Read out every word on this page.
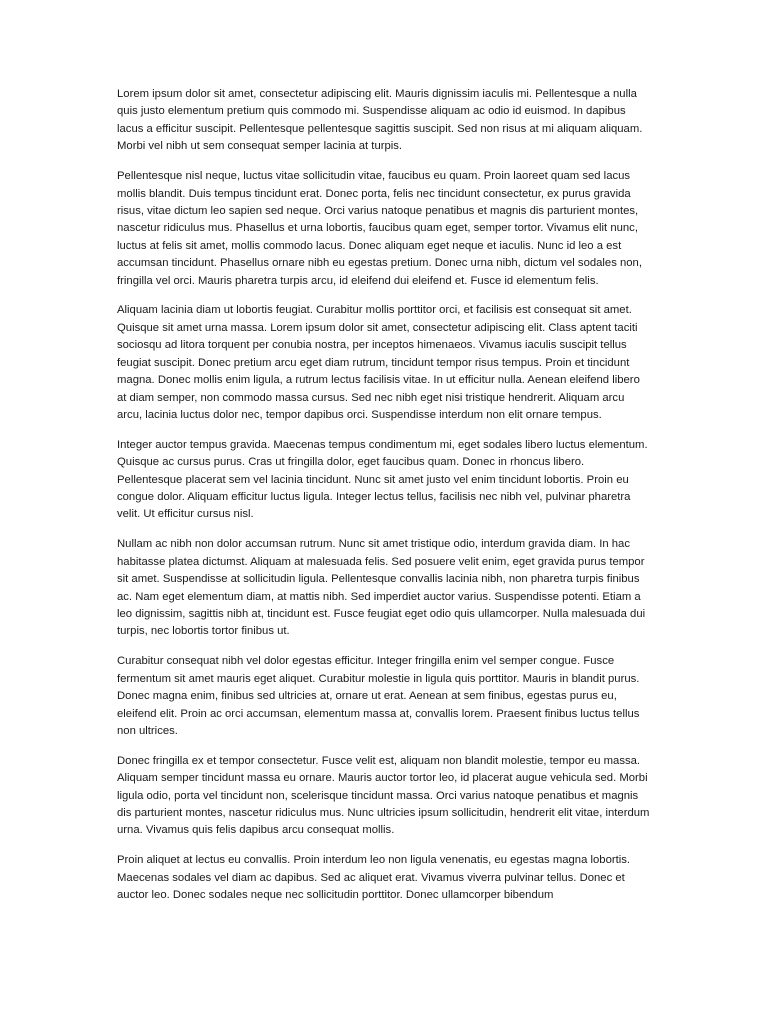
Lorem ipsum dolor sit amet, consectetur adipiscing elit. Mauris dignissim iaculis mi. Pellentesque a nulla quis justo elementum pretium quis commodo mi. Suspendisse aliquam ac odio id euismod. In dapibus lacus a efficitur suscipit. Pellentesque pellentesque sagittis suscipit. Sed non risus at mi aliquam aliquam. Morbi vel nibh ut sem consequat semper lacinia at turpis.

Pellentesque nisl neque, luctus vitae sollicitudin vitae, faucibus eu quam. Proin laoreet quam sed lacus mollis blandit. Duis tempus tincidunt erat. Donec porta, felis nec tincidunt consectetur, ex purus gravida risus, vitae dictum leo sapien sed neque. Orci varius natoque penatibus et magnis dis parturient montes, nascetur ridiculus mus. Phasellus et urna lobortis, faucibus quam eget, semper tortor. Vivamus elit nunc, luctus at felis sit amet, mollis commodo lacus. Donec aliquam eget neque et iaculis. Nunc id leo a est accumsan tincidunt. Phasellus ornare nibh eu egestas pretium. Donec urna nibh, dictum vel sodales non, fringilla vel orci. Mauris pharetra turpis arcu, id eleifend dui eleifend et. Fusce id elementum felis.

Aliquam lacinia diam ut lobortis feugiat. Curabitur mollis porttitor orci, et facilisis est consequat sit amet. Quisque sit amet urna massa. Lorem ipsum dolor sit amet, consectetur adipiscing elit. Class aptent taciti sociosqu ad litora torquent per conubia nostra, per inceptos himenaeos. Vivamus iaculis suscipit tellus feugiat suscipit. Donec pretium arcu eget diam rutrum, tincidunt tempor risus tempus. Proin et tincidunt magna. Donec mollis enim ligula, a rutrum lectus facilisis vitae. In ut efficitur nulla. Aenean eleifend libero at diam semper, non commodo massa cursus. Sed nec nibh eget nisi tristique hendrerit. Aliquam arcu arcu, lacinia luctus dolor nec, tempor dapibus orci. Suspendisse interdum non elit ornare tempus.

Integer auctor tempus gravida. Maecenas tempus condimentum mi, eget sodales libero luctus elementum. Quisque ac cursus purus. Cras ut fringilla dolor, eget faucibus quam. Donec in rhoncus libero. Pellentesque placerat sem vel lacinia tincidunt. Nunc sit amet justo vel enim tincidunt lobortis. Proin eu congue dolor. Aliquam efficitur luctus ligula. Integer lectus tellus, facilisis nec nibh vel, pulvinar pharetra velit. Ut efficitur cursus nisl.

Nullam ac nibh non dolor accumsan rutrum. Nunc sit amet tristique odio, interdum gravida diam. In hac habitasse platea dictumst. Aliquam at malesuada felis. Sed posuere velit enim, eget gravida purus tempor sit amet. Suspendisse at sollicitudin ligula. Pellentesque convallis lacinia nibh, non pharetra turpis finibus ac. Nam eget elementum diam, at mattis nibh. Sed imperdiet auctor varius. Suspendisse potenti. Etiam a leo dignissim, sagittis nibh at, tincidunt est. Fusce feugiat eget odio quis ullamcorper. Nulla malesuada dui turpis, nec lobortis tortor finibus ut.

Curabitur consequat nibh vel dolor egestas efficitur. Integer fringilla enim vel semper congue. Fusce fermentum sit amet mauris eget aliquet. Curabitur molestie in ligula quis porttitor. Mauris in blandit purus. Donec magna enim, finibus sed ultricies at, ornare ut erat. Aenean at sem finibus, egestas purus eu, eleifend elit. Proin ac orci accumsan, elementum massa at, convallis lorem. Praesent finibus luctus tellus non ultrices.

Donec fringilla ex et tempor consectetur. Fusce velit est, aliquam non blandit molestie, tempor eu massa. Aliquam semper tincidunt massa eu ornare. Mauris auctor tortor leo, id placerat augue vehicula sed. Morbi ligula odio, porta vel tincidunt non, scelerisque tincidunt massa. Orci varius natoque penatibus et magnis dis parturient montes, nascetur ridiculus mus. Nunc ultricies ipsum sollicitudin, hendrerit elit vitae, interdum urna. Vivamus quis felis dapibus arcu consequat mollis.

Proin aliquet at lectus eu convallis. Proin interdum leo non ligula venenatis, eu egestas magna lobortis. Maecenas sodales vel diam ac dapibus. Sed ac aliquet erat. Vivamus viverra pulvinar tellus. Donec et auctor leo. Donec sodales neque nec sollicitudin porttitor. Donec ullamcorper bibendum
